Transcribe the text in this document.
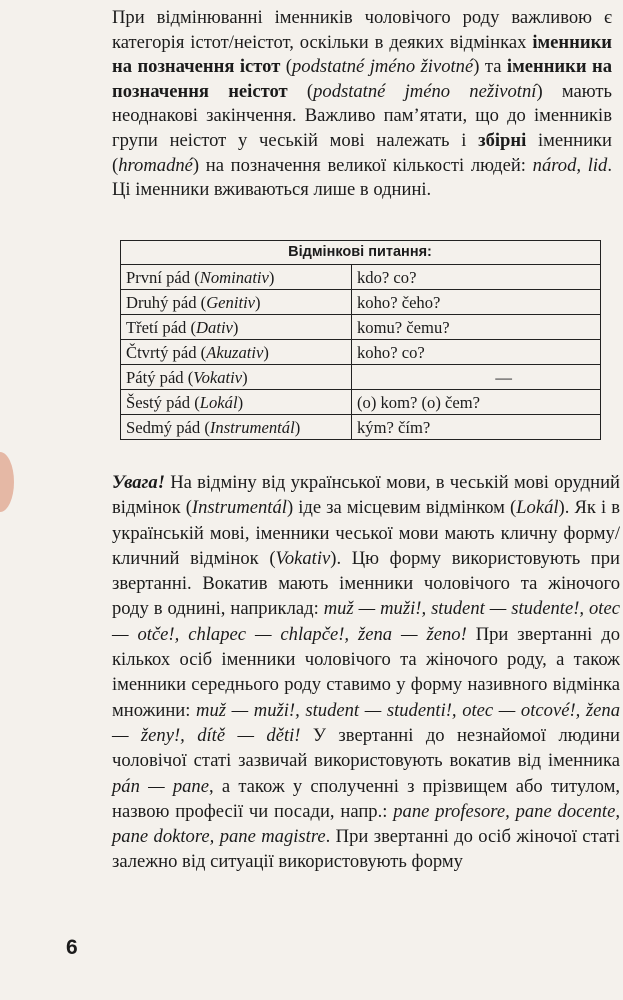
При відмінюванні іменників чоловічого роду важливою є категорія істот/неістот, оскільки в деяких відмінках іменники на позначення істот (podstatné jméno životné) та іменники на позначення неістот (podstatné jméno neživotní) мають неоднакові закінчення. Важливо пам’ятати, що до іменників групи неістот у чеській мові належать і збірні іменники (hromadné) на позначення великої кількості людей: národ, lid. Ці іменники вживаються лише в однині.

Відмінкові питання:	
První pád (Nominativ)	kdo? co?
Druhý pád (Genitiv)	koho? čeho?
Třetí pád (Dativ)	komu? čemu?
Čtvrtý pád (Akuzativ)	koho? co?
Pátý pád (Vokativ)	—
Šestý pád (Lokál)	(o) kom? (o) čem?
Sedmý pád (Instrumentál)	kým? čím?

Увага! На відміну від української мови, в чеській мові орудний відмінок (Instrumentál) іде за місцевим відмінком (Lokál). Як і в українській мові, іменники чеської мови мають кличну форму/кличний відмінок (Vokativ). Цю форму використовують при звертанні. Вокатив мають іменники чоловічого та жіночого роду в однині, наприклад: muž — muži!, student — studente!, otec — otče!, chlapec — chlapče!, žena — ženo! При звертанні до кількох осіб іменники чоловічого та жіночого роду, а також іменники середнього роду ставимо у форму називного відмінка множини: muž — muži!, student — studenti!, otec — otcové!, žena — ženy!, dítě — děti! У звертанні до незнайомої людини чоловічої статі зазвичай використовують вокатив від іменника pán — pane, а також у сполученні з прізвищем або титулом, назвою професії чи посади, напр.: pane profesore, pane docente, pane doktore, pane magistre. При звертанні до осіб жіночої статі залежно від ситуації використовують форму

6
